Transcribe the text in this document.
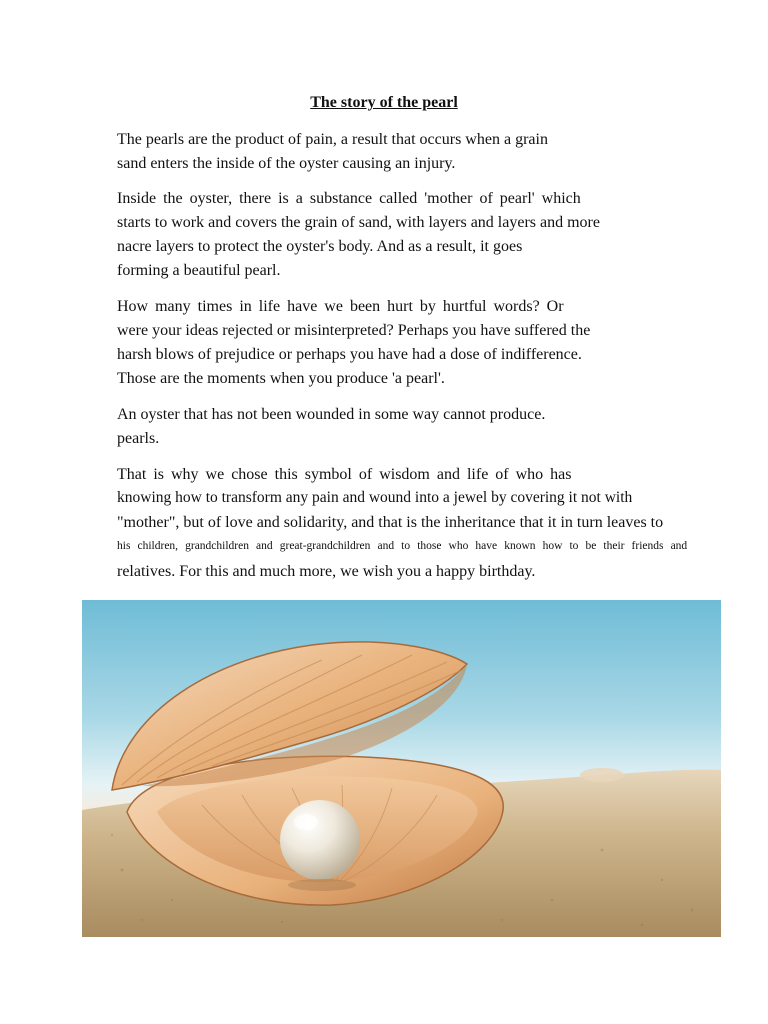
The story of the pearl
The pearls are the product of pain, a result that occurs when a grain
sand enters the inside of the oyster causing an injury.
Inside the oyster, there is a substance called 'mother of pearl' which
starts to work and covers the grain of sand, with layers and layers and more
nacre layers to protect the oyster's body. And as a result, it goes
forming a beautiful pearl.
How many times in life have we been hurt by hurtful words? Or
were your ideas rejected or misinterpreted? Perhaps you have suffered the
harsh blows of prejudice or perhaps you have had a dose of indifference.
Those are the moments when you produce 'a pearl'.
An oyster that has not been wounded in some way cannot produce.
pearls.
That is why we chose this symbol of wisdom and life of who has
knowing how to transform any pain and wound into a jewel by covering it not with
"mother", but of love and solidarity, and that is the inheritance that it in turn leaves to
his children, grandchildren and great-grandchildren and to those who have known how to be their friends and
relatives. For this and much more, we wish you a happy birthday.
